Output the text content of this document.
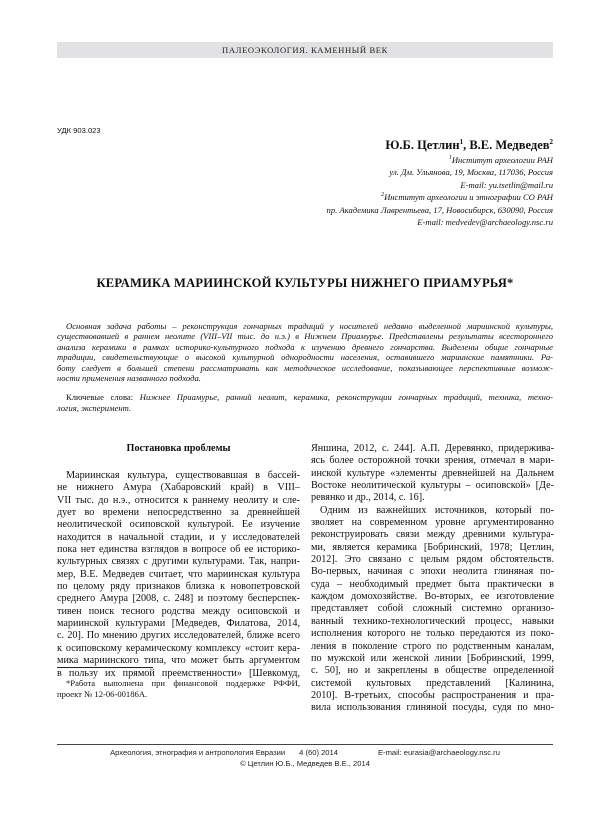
ПАЛЕОЭКОЛОГИЯ. КАМЕННЫЙ ВЕК
УДК 903.023
Ю.Б. Цетлин$^1$, В.Е. Медведев$^2$
$^1$Институт археологии РАН
ул. Дм. Ульянова, 19, Москва, 117036, Россия
E-mail: yu.tsetlin@mail.ru
$^2$Институт археологии и этнографии СО РАН
пр. Академика Лаврентьева, 17, Новосибирск, 630090, Россия
E-mail: medvedev@archaeology.nsc.ru
КЕРАМИКА МАРИИНСКОЙ КУЛЬТУРЫ НИЖНЕГО ПРИАМУРЬЯ*
Основная задача работы – реконструкция гончарных традиций у носителей недавно выделенной мариинской культуры,
существовавшей в раннем неолите (VIII–VII тыс. до н.э.) в Нижнем Приамурье. Представлены результаты всестороннего
анализа керамики в рамках историко-культурного подхода к изучению древнего гончарства. Выделены общие гончарные
традиции, свидетельствующие о высокой культурной однородности населения, оставившего мариинские памятники. Ра-
боту следует в большей степени рассматривать как методическое исследование, показывающее перспективные возмож-
ности применения названного подхода.
Ключевые слова: Нижнее Приамурье, ранний неолит, керамика, реконструкции гончарных традиций, техника, техно-
логия, эксперимент.
Постановка проблемы
Мариинская культура, существовавшая в бассей-
не нижнего Амура (Хабаровский край) в VIII–
VII тыс. до н.э., относится к раннему неолиту и сле-
дует во времени непосредственно за древнейшей
неолитической осиповской культурой. Ее изучение
находится в начальной стадии, и у исследователей
пока нет единства взглядов в вопросе об ее историко-
культурных связях с другими культурами. Так, напри-
мер, В.Е. Медведев считает, что мариинская культура
по целому ряду признаков близка к новопетровской
среднего Амура [2008, с. 248] и поэтому бесперспек-
тивен поиск тесного родства между осиповской и
мариинской культурами [Медведев, Филатова, 2014,
с. 20]. По мнению других исследователей, ближе всего
к осиповскому керамическому комплексу «стоит кера-
мика мариинского типа, что может быть аргументом
в пользу их прямой преемственности» [Шевкомуд,
Яншина, 2012, с. 244]. А.П. Деревянко, придержива-
ясь более осторожной точки зрения, отмечал в мари-
инской культуре «элементы древнейшей на Дальнем
Востоке неолитической культуры – осиповской» [Де-
ревянко и др., 2014, с. 16].
Одним из важнейших источников, который по-
зволяет на современном уровне аргументированно
реконструировать связи между древними культура-
ми, является керамика [Бобринский, 1978; Цетлин,
2012]. Это связано с целым рядом обстоятельств.
Во-первых, начиная с эпохи неолита глиняная по-
суда – необходимый предмет быта практически в
каждом домохозяйстве. Во-вторых, ее изготовление
представляет собой сложный системно организо-
ванный технико-технологический процесс, навыки
исполнения которого не только передаются из поко-
ления в поколение строго по родственным каналам,
по мужской или женской линии [Бобринский, 1999,
с. 50], но и закреплены в обществе определенной
системой культовых представлений [Калинина,
2010]. В-третьих, способы распространения и пра-
вила использования глиняной посуды, судя по мно-
*Работа выполнена при финансовой поддержке РФФИ,
проект № 12-06-00186А.
Археология, этнография и антропология Евразии 4 (60) 2014	E-mail: eurasia@archaeology.nsc.ru
© Цетлин Ю.Б., Медведев В.Е., 2014
